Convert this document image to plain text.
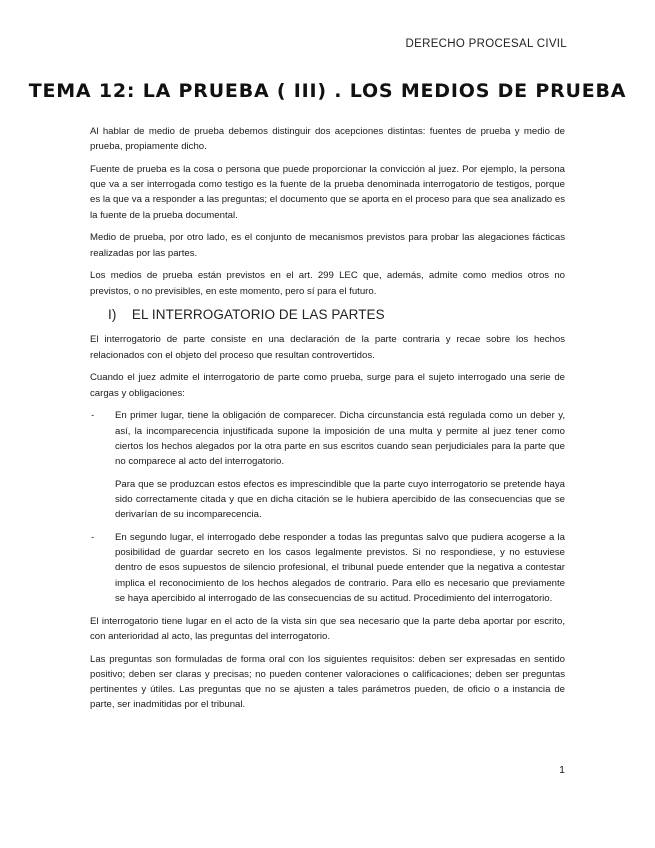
DERECHO PROCESAL CIVIL
TEMA 12: LA PRUEBA ( III) . LOS MEDIOS DE PRUEBA

Al hablar de medio de prueba debemos distinguir dos acepciones distintas: fuentes de prueba y medio de prueba, propiamente dicho.

Fuente de prueba es la cosa o persona que puede proporcionar la convicción al juez. Por ejemplo, la persona que va a ser interrogada como testigo es la fuente de la prueba denominada interrogatorio de testigos, porque es la que va a responder a las preguntas; el documento que se aporta en el proceso para que sea analizado es la fuente de la prueba documental.

Medio de prueba, por otro lado, es el conjunto de mecanismos previstos para probar las alegaciones fácticas realizadas por las partes.

Los medios de prueba están previstos en el art. 299 LEC que, además, admite como medios otros no previstos, o no previsibles, en este momento, pero sí para el futuro.

I) EL INTERROGATORIO DE LAS PARTES

El interrogatorio de parte consiste en una declaración de la parte contraria y recae sobre los hechos relacionados con el objeto del proceso que resultan controvertidos.

Cuando el juez admite el interrogatorio de parte como prueba, surge para el sujeto interrogado una serie de cargas y obligaciones:

- En primer lugar, tiene la obligación de comparecer. Dicha circunstancia está regulada como un deber y, así, la incomparecencia injustificada supone la imposición de una multa y permite al juez tener como ciertos los hechos alegados por la otra parte en sus escritos cuando sean perjudiciales para la parte que no comparece al acto del interrogatorio.

Para que se produzcan estos efectos es imprescindible que la parte cuyo interrogatorio se pretende haya sido correctamente citada y que en dicha citación se le hubiera apercibido de las consecuencias que se derivarían de su incomparecencia.

- En segundo lugar, el interrogado debe responder a todas las preguntas salvo que pudiera acogerse a la posibilidad de guardar secreto en los casos legalmente previstos. Si no respondiese, y no estuviese dentro de esos supuestos de silencio profesional, el tribunal puede entender que la negativa a contestar implica el reconocimiento de los hechos alegados de contrario. Para ello es necesario que previamente se haya apercibido al interrogado de las consecuencias de su actitud. Procedimiento del interrogatorio.

El interrogatorio tiene lugar en el acto de la vista sin que sea necesario que la parte deba aportar por escrito, con anterioridad al acto, las preguntas del interrogatorio.

Las preguntas son formuladas de forma oral con los siguientes requisitos: deben ser expresadas en sentido positivo; deben ser claras y precisas; no pueden contener valoraciones o calificaciones; deben ser preguntas pertinentes y útiles. Las preguntas que no se ajusten a tales parámetros pueden, de oficio o a instancia de parte, ser inadmitidas por el tribunal.

1
